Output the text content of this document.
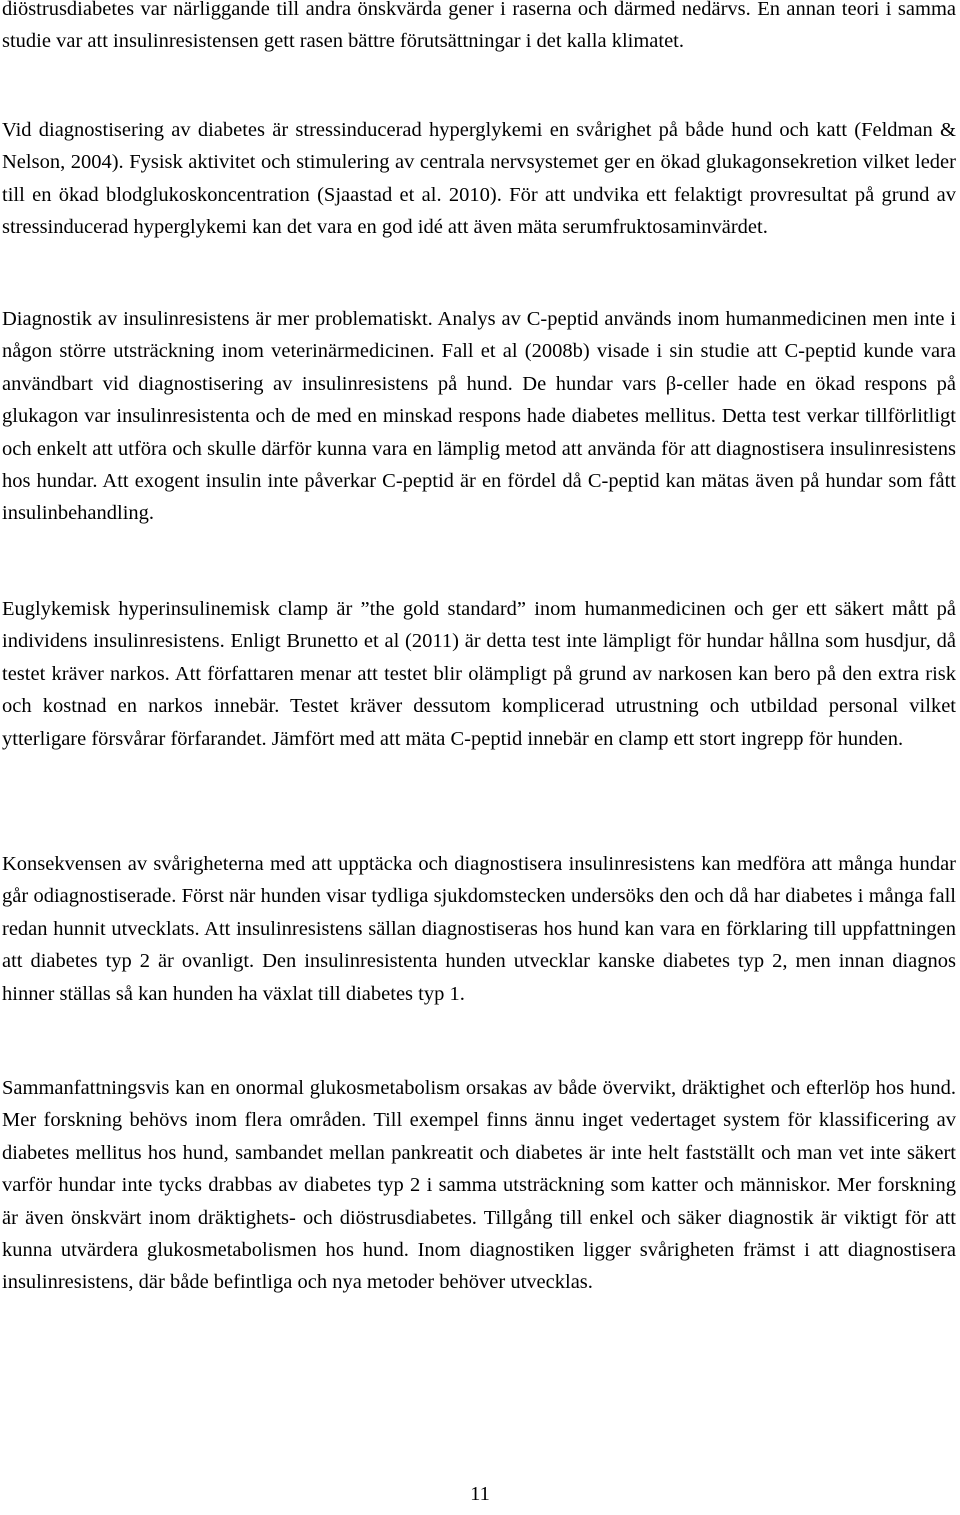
diöstrusdiabetes var närliggande till andra önskvärda gener i raserna och därmed nedärvs. En annan teori i samma studie var att insulinresistensen gett rasen bättre förutsättningar i det kalla klimatet.

Vid diagnostisering av diabetes är stressinducerad hyperglykemi en svårighet på både hund och katt (Feldman & Nelson, 2004). Fysisk aktivitet och stimulering av centrala nervsystemet ger en ökad glukagonsekretion vilket leder till en ökad blodglukoskoncentration (Sjaastad et al. 2010). För att undvika ett felaktigt provresultat på grund av stressinducerad hyperglykemi kan det vara en god idé att även mäta serumfruktosaminvärdet.

Diagnostik av insulinresistens är mer problematiskt. Analys av C-peptid används inom humanmedicinen men inte i någon större utsträckning inom veterinärmedicinen. Fall et al (2008b) visade i sin studie att C-peptid kunde vara användbart vid diagnostisering av insulinresistens på hund. De hundar vars β-celler hade en ökad respons på glukagon var insulinresistenta och de med en minskad respons hade diabetes mellitus. Detta test verkar tillförlitligt och enkelt att utföra och skulle därför kunna vara en lämplig metod att använda för att diagnostisera insulinresistens hos hundar. Att exogent insulin inte påverkar C-peptid är en fördel då C-peptid kan mätas även på hundar som fått insulinbehandling.

Euglykemisk hyperinsulinemisk clamp är ”the gold standard” inom humanmedicinen och ger ett säkert mått på individens insulinresistens. Enligt Brunetto et al (2011) är detta test inte lämpligt för hundar hållna som husdjur, då testet kräver narkos. Att författaren menar att testet blir olämpligt på grund av narkosen kan bero på den extra risk och kostnad en narkos innebär. Testet kräver dessutom komplicerad utrustning och utbildad personal vilket ytterligare försvårar förfarandet. Jämfört med att mäta C-peptid innebär en clamp ett stort ingrepp för hunden.

Konsekvensen av svårigheterna med att upptäcka och diagnostisera insulinresistens kan medföra att många hundar går odiagnostiserade. Först när hunden visar tydliga sjukdomstecken undersöks den och då har diabetes i många fall redan hunnit utvecklats. Att insulinresistens sällan diagnostiseras hos hund kan vara en förklaring till uppfattningen att diabetes typ 2 är ovanligt. Den insulinresistenta hunden utvecklar kanske diabetes typ 2, men innan diagnos hinner ställas så kan hunden ha växlat till diabetes typ 1.

Sammanfattningsvis kan en onormal glukosmetabolism orsakas av både övervikt, dräktighet och efterlöp hos hund. Mer forskning behövs inom flera områden. Till exempel finns ännu inget vedertaget system för klassificering av diabetes mellitus hos hund, sambandet mellan pankreatit och diabetes är inte helt fastställt och man vet inte säkert varför hundar inte tycks drabbas av diabetes typ 2 i samma utsträckning som katter och människor. Mer forskning är även önskvärt inom dräktighets- och diöstrusdiabetes. Tillgång till enkel och säker diagnostik är viktigt för att kunna utvärdera glukosmetabolismen hos hund. Inom diagnostiken ligger svårigheten främst i att diagnostisera insulinresistens, där både befintliga och nya metoder behöver utvecklas.

11
